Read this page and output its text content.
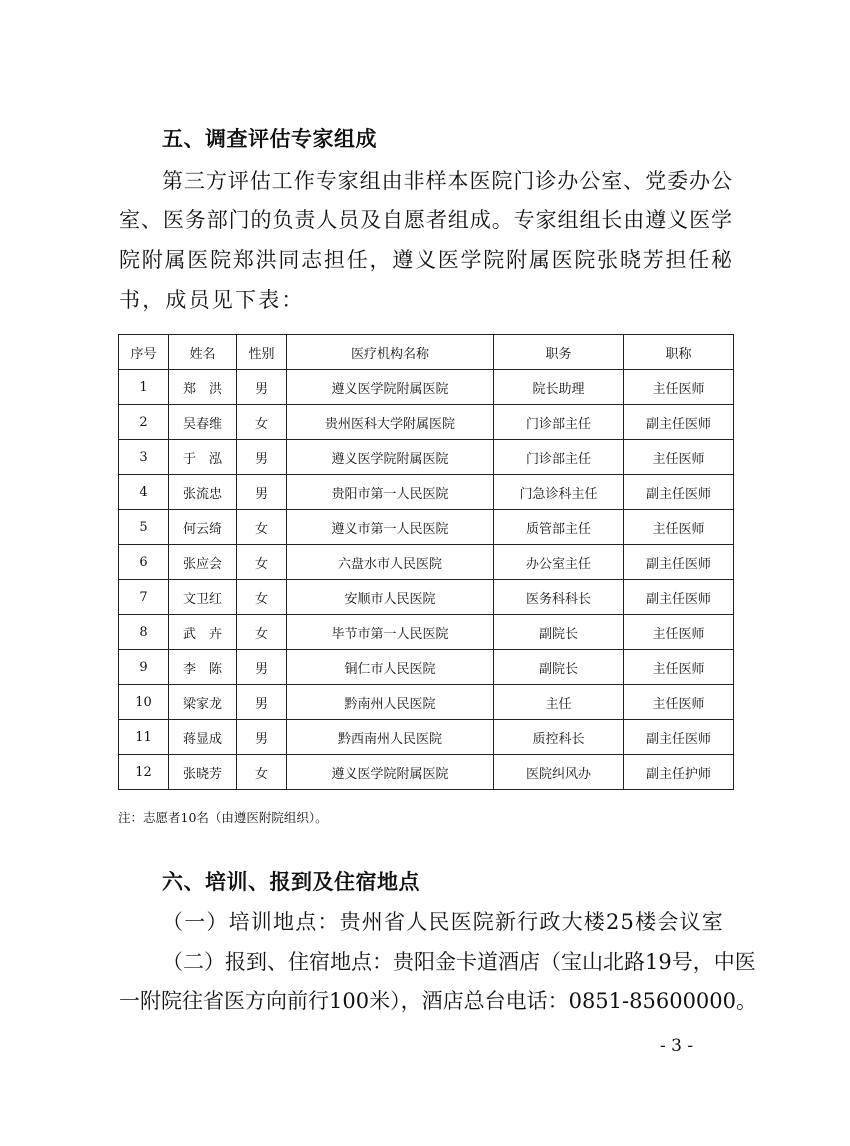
五、调查评估专家组成
第三方评估工作专家组由非样本医院门诊办公室、党委办公
室、医务部门的负责人员及自愿者组成。专家组组长由遵义医学
院附属医院郑洪同志担任，遵义医学院附属医院张晓芳担任秘
书，成员见下表：
序号	姓名	性别	医疗机构名称	职务	职称
1	郑　洪	男	遵义医学院附属医院	院长助理	主任医师
2	吴春维	女	贵州医科大学附属医院	门诊部主任	副主任医师
3	于　泓	男	遵义医学院附属医院	门诊部主任	主任医师
4	张流忠	男	贵阳市第一人民医院	门急诊科主任	副主任医师
5	何云绮	女	遵义市第一人民医院	质管部主任	主任医师
6	张应会	女	六盘水市人民医院	办公室主任	副主任医师
7	文卫红	女	安顺市人民医院	医务科科长	副主任医师
8	武　卉	女	毕节市第一人民医院	副院长	主任医师
9	李　陈	男	铜仁市人民医院	副院长	主任医师
10	梁家龙	男	黔南州人民医院	主任	主任医师
11	蒋显成	男	黔西南州人民医院	质控科长	副主任医师
12	张晓芳	女	遵义医学院附属医院	医院纠风办	副主任护师
注：志愿者10名（由遵医附院组织）。
六、培训、报到及住宿地点
（一）培训地点：贵州省人民医院新行政大楼25楼会议室
（二）报到、住宿地点：贵阳金卡道酒店（宝山北路19号，中医
一附院往省医方向前行100米），酒店总台电话：0851-85600000。
- 3 -
